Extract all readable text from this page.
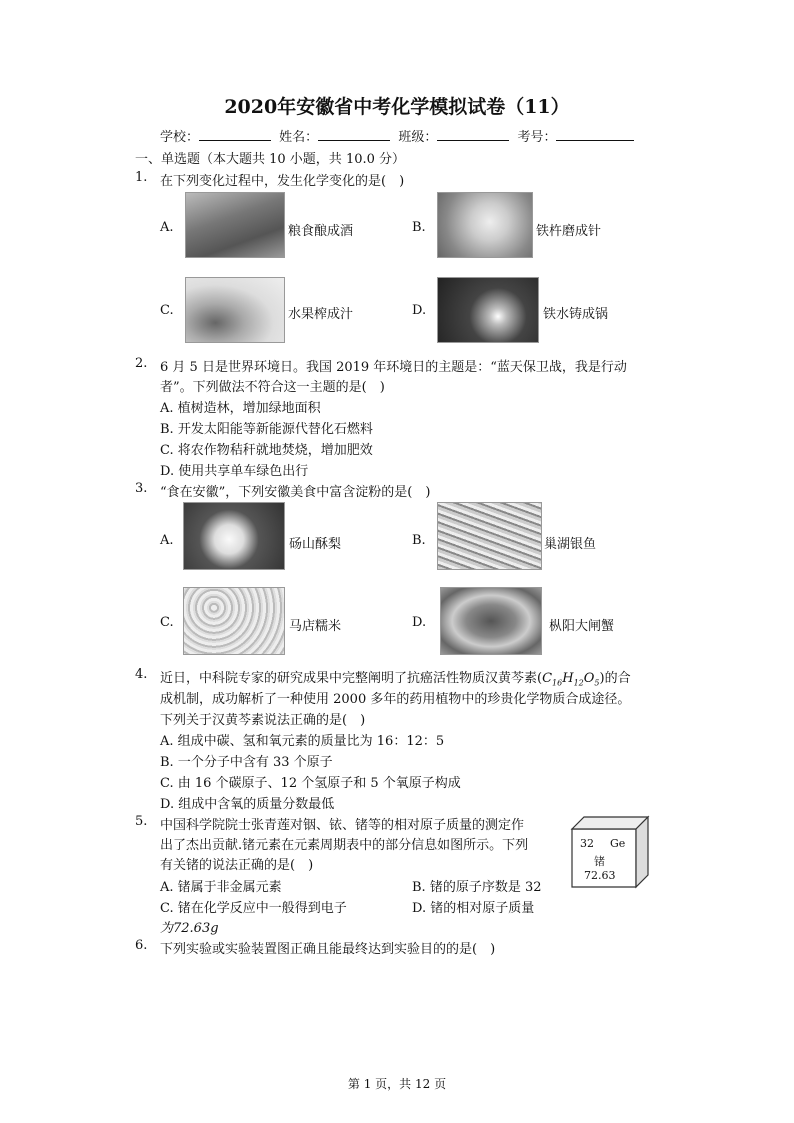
2020年安徽省中考化学模拟试卷（11）
学校：	姓名：	班级：	考号：
一、单选题（本大题共 10 小题，共 10.0 分）
1. 在下列变化过程中，发生化学变化的是(　)
A.	粮食酿成酒	B.	铁杵磨成针
C.	水果榨成汁	D.	铁水铸成锅
2. 6 月 5 日是世界环境日。我国 2019 年环境日的主题是：“蓝天保卫战，我是行动
者”。下列做法不符合这一主题的是(　)
A. 植树造林，增加绿地面积
B. 开发太阳能等新能源代替化石燃料
C. 将农作物秸秆就地焚烧，增加肥效
D. 使用共享单车绿色出行
3. “食在安徽”，下列安徽美食中富含淀粉的是(　)
A.	砀山酥梨	B.	巢湖银鱼
C.	马店糯米	D.	枞阳大闸蟹
4. 近日，中科院专家的研究成果中完整阐明了抗癌活性物质汉黄芩素$(C_{16}H_{12}O_5)$的合
成机制，成功解析了一种使用 2000 多年的药用植物中的珍贵化学物质合成途径。
下列关于汉黄芩素说法正确的是(　)
A. 组成中碳、氢和氧元素的质量比为 16：12：5
B. 一个分子中含有 33 个原子
C. 由 16 个碳原子、12 个氢原子和 5 个氧原子构成
D. 组成中含氧的质量分数最低
5. 中国科学院院士张青莲对铟、铱、锗等的相对原子质量的测定作
出了杰出贡献.锗元素在元素周期表中的部分信息如图所示。下列
有关锗的说法正确的是(　)
A. 锗属于非金属元素	B. 锗的原子序数是 32
C. 锗在化学反应中一般得到电子	D. 锗的相对原子质量
为72.63g
32 Ge
锗
72.63
6. 下列实验或实验装置图正确且能最终达到实验目的的是(　)
第 1 页，共 12 页
